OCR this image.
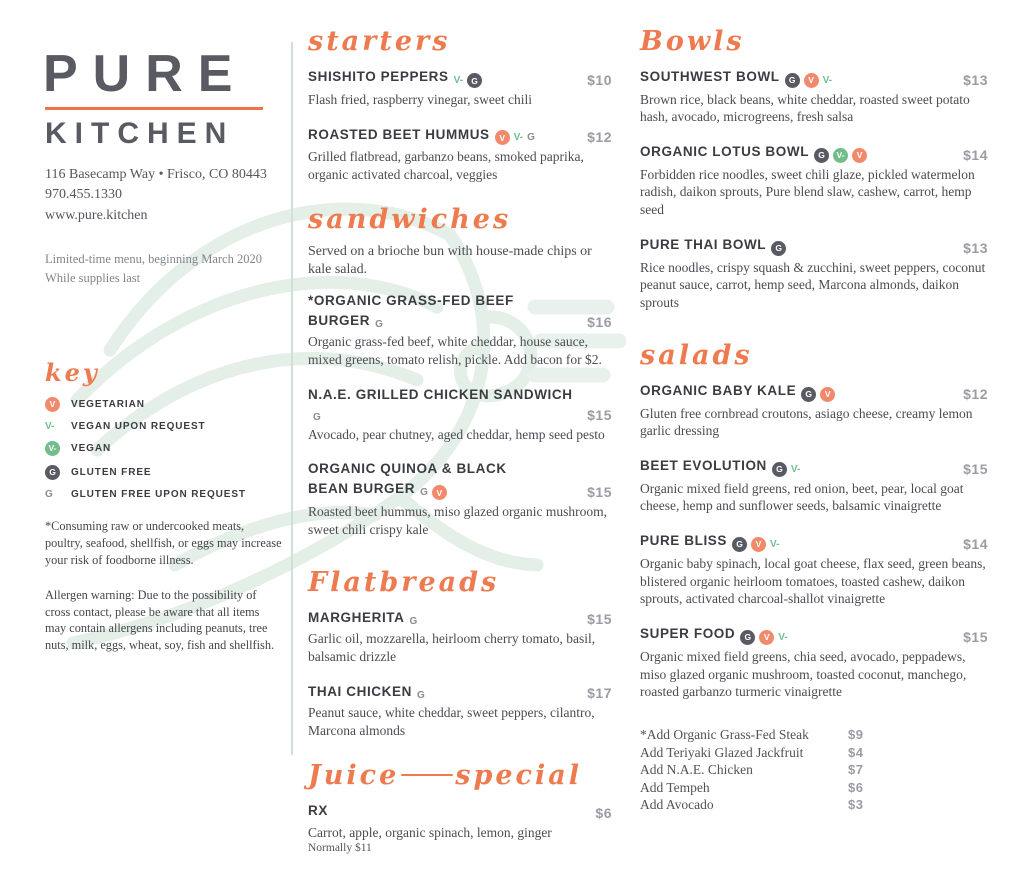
PURE
KITCHEN
116 Basecamp Way • Frisco, CO 80443
970.455.1330
www.pure.kitchen
Limited-time menu, beginning March 2020
While supplies last
key
V	VEGETARIAN
V- VEGAN UPON REQUEST
V-	VEGAN
G	GLUTEN FREE
G GLUTEN FREE UPON REQUEST
*Consuming raw or undercooked meats, poultry, seafood, shellfish, or eggs may increase your risk of foodborne illness.
Allergen warning: Due to the possibility of cross contact, please be aware that all items may contain allergens including peanuts, tree nuts, milk, eggs, wheat, soy, fish and shellfish.
starters
SHISHITO PEPPERS V- G	$10
Flash fried, raspberry vinegar, sweet chili
ROASTED BEET HUMMUS	V V- G	$12
Grilled flatbread, garbanzo beans, smoked paprika, organic activated charcoal, veggies
sandwiches
Served on a brioche bun with house-made chips or kale salad.
*ORGANIC GRASS-FED BEEF BURGER G	$16
Organic grass-fed beef, white cheddar, house sauce, mixed greens, tomato relish, pickle. Add bacon for $2.
N.A.E. GRILLED CHICKEN SANDWICH
G	$15
Avocado, pear chutney, aged cheddar, hemp seed pesto
ORGANIC QUINOA & BLACK BEAN BURGER G	V	$15
Roasted beet hummus, miso glazed organic mushroom, sweet chili crispy kale
Flatbreads
MARGHERITA G	$15
Garlic oil, mozzarella, heirloom cherry tomato, basil, balsamic drizzle
THAI CHICKEN G	$17
Peanut sauce, white cheddar, sweet peppers, cilantro, Marcona almonds
Juice special
RX	$6
Carrot, apple, organic spinach, lemon, ginger
Normally $11
Bowls
SOUTHWEST BOWL	G	V V-	$13
Brown rice, black beans, white cheddar, roasted sweet potato hash, avocado, microgreens, fresh salsa
ORGANIC LOTUS BOWL	G	V-	V	$14
Forbidden rice noodles, sweet chili glaze, pickled watermelon radish, daikon sprouts, Pure blend slaw, cashew, carrot, hemp seed
PURE THAI BOWL	G	$13
Rice noodles, crispy squash & zucchini, sweet peppers, coconut peanut sauce, carrot, hemp seed, Marcona almonds, daikon sprouts
salads
ORGANIC BABY KALE	G	V	$12
Gluten free cornbread croutons, asiago cheese, creamy lemon garlic dressing
BEET EVOLUTION	G V-	$15
Organic mixed field greens, red onion, beet, pear, local goat cheese, hemp and sunflower seeds, balsamic vinaigrette
PURE BLISS	G	V V-	$14
Organic baby spinach, local goat cheese, flax seed, green beans, blistered organic heirloom tomatoes, toasted cashew, daikon sprouts, activated charcoal-shallot vinaigrette
SUPER FOOD	G	V V-	$15
Organic mixed field greens, chia seed, avocado, peppadews, miso glazed organic mushroom, toasted coconut, manchego, roasted garbanzo turmeric vinaigrette
*Add Organic Grass-Fed Steak	$9
Add Teriyaki Glazed Jackfruit	$4
Add N.A.E. Chicken	$7
Add Tempeh	$6
Add Avocado	$3
